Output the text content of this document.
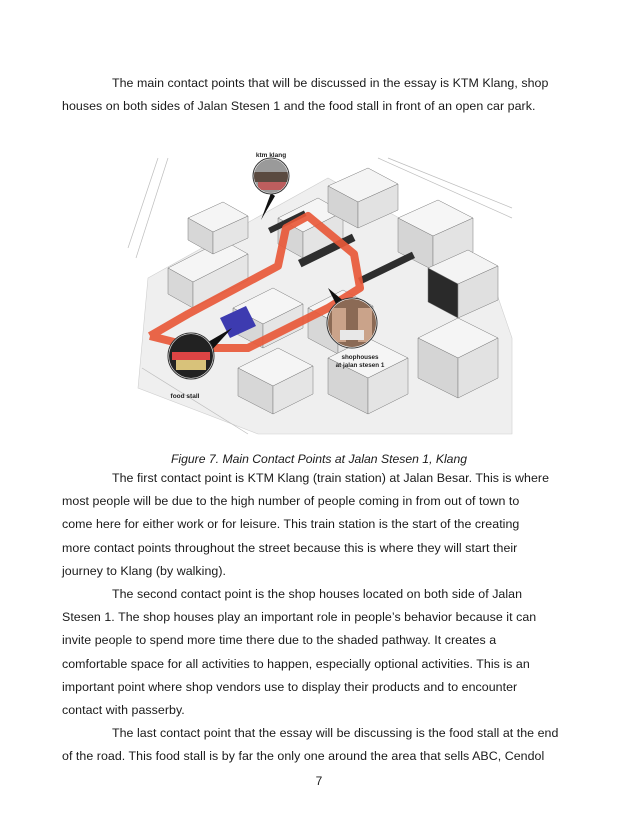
The main contact points that will be discussed in the essay is KTM Klang, shop
houses on both sides of Jalan Stesen 1 and the food stall in front of an open car park.
ktm klang
food stall
shophouses
at jalan stesen 1
Figure 7. Main Contact Points at Jalan Stesen 1, Klang
The first contact point is KTM Klang (train station) at Jalan Besar. This is where
most people will be due to the high number of people coming in from out of town to
come here for either work or for leisure. This train station is the start of the creating
more contact points throughout the street because this is where they will start their
journey to Klang (by walking).
The second contact point is the shop houses located on both side of Jalan
Stesen 1. The shop houses play an important role in people’s behavior because it can
invite people to spend more time there due to the shaded pathway. It creates a
comfortable space for all activities to happen, especially optional activities. This is an
important point where shop vendors use to display their products and to encounter
contact with passerby.
The last contact point that the essay will be discussing is the food stall at the end
of the road. This food stall is by far the only one around the area that sells ABC, Cendol
7
